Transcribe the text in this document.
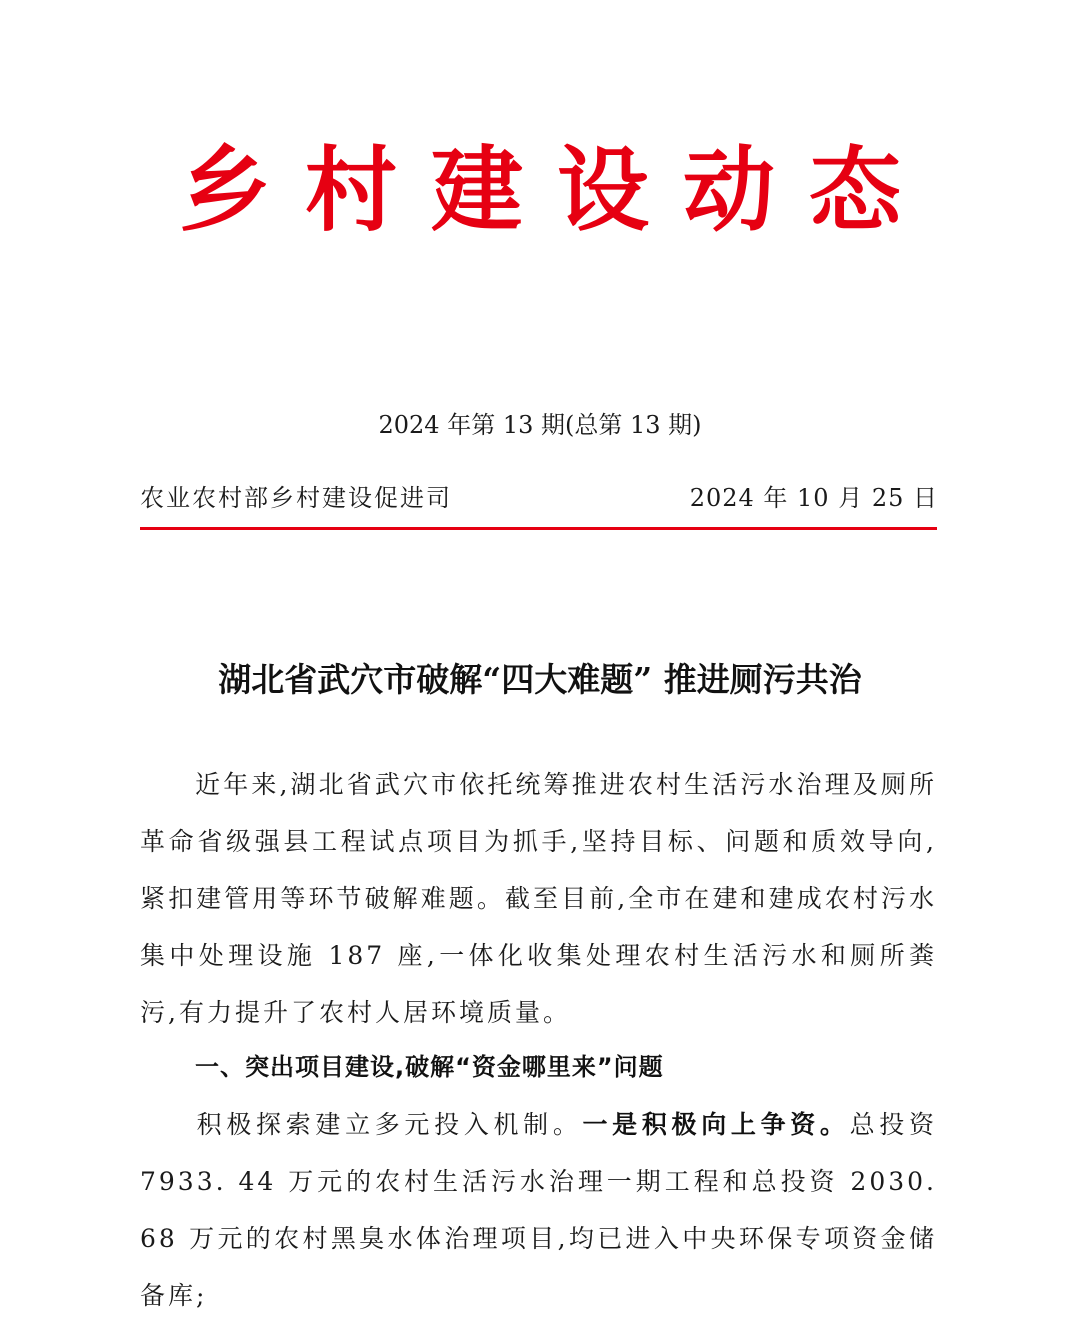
乡村建设动态
2024 年第 13 期(总第 13 期)
农业农村部乡村建设促进司	2024 年 10 月 25 日
湖北省武穴市破解“四大难题” 推进厕污共治
近年来,湖北省武穴市依托统筹推进农村生活污水治理及厕所革命省级强县工程试点项目为抓手,坚持目标、问题和质效导向,紧扣建管用等环节破解难题。截至目前,全市在建和建成农村污水集中处理设施 187 座,一体化收集处理农村生活污水和厕所粪污,有力提升了农村人居环境质量。
一、突出项目建设,破解“资金哪里来”问题
积极探索建立多元投入机制。一是积极向上争资。总投资 7933. 44 万元的农村生活污水治理一期工程和总投资 2030. 68 万元的农村黑臭水体治理项目,均已进入中央环保专项资金储备库;
